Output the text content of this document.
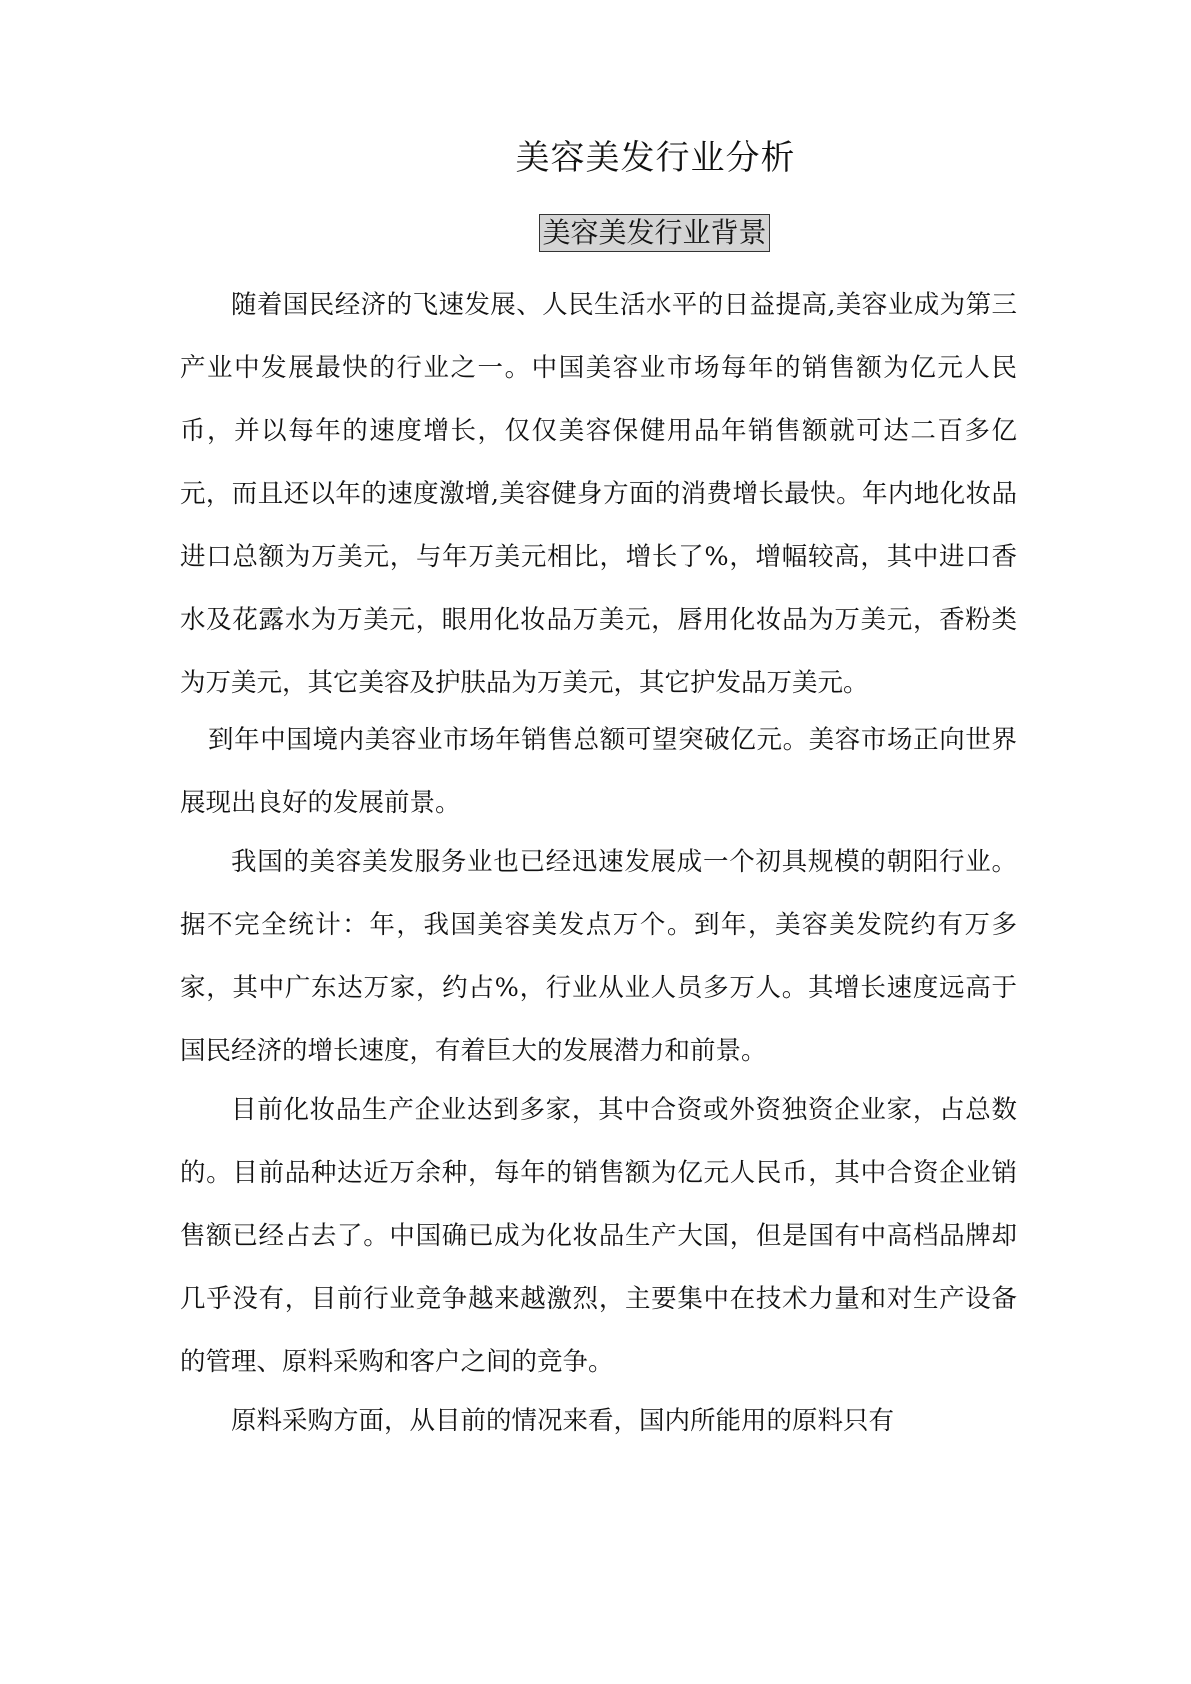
美容美发行业分析
美容美发行业背景

随着国民经济的飞速发展、人民生活水平的日益提高,美容业成为第三产业中发展最快的行业之一。中国美容业市场每年的销售额为亿元人民币，并以每年的速度增长，仅仅美容保健用品年销售额就可达二百多亿元，而且还以年的速度激增,美容健身方面的消费增长最快。年内地化妆品进口总额为万美元，与年万美元相比，增长了%，增幅较高，其中进口香水及花露水为万美元，眼用化妆品万美元，唇用化妆品为万美元，香粉类为万美元，其它美容及护肤品为万美元，其它护发品万美元。

到年中国境内美容业市场年销售总额可望突破亿元。美容市场正向世界展现出良好的发展前景。

我国的美容美发服务业也已经迅速发展成一个初具规模的朝阳行业。据不完全统计：年，我国美容美发点万个。到年，美容美发院约有万多家，其中广东达万家，约占%，行业从业人员多万人。其增长速度远高于国民经济的增长速度，有着巨大的发展潜力和前景。

目前化妆品生产企业达到多家，其中合资或外资独资企业家，占总数的。目前品种达近万余种，每年的销售额为亿元人民币，其中合资企业销售额已经占去了。中国确已成为化妆品生产大国，但是国有中高档品牌却几乎没有，目前行业竞争越来越激烈，主要集中在技术力量和对生产设备的管理、原料采购和客户之间的竞争。

原料采购方面，从目前的情况来看，国内所能用的原料只有
